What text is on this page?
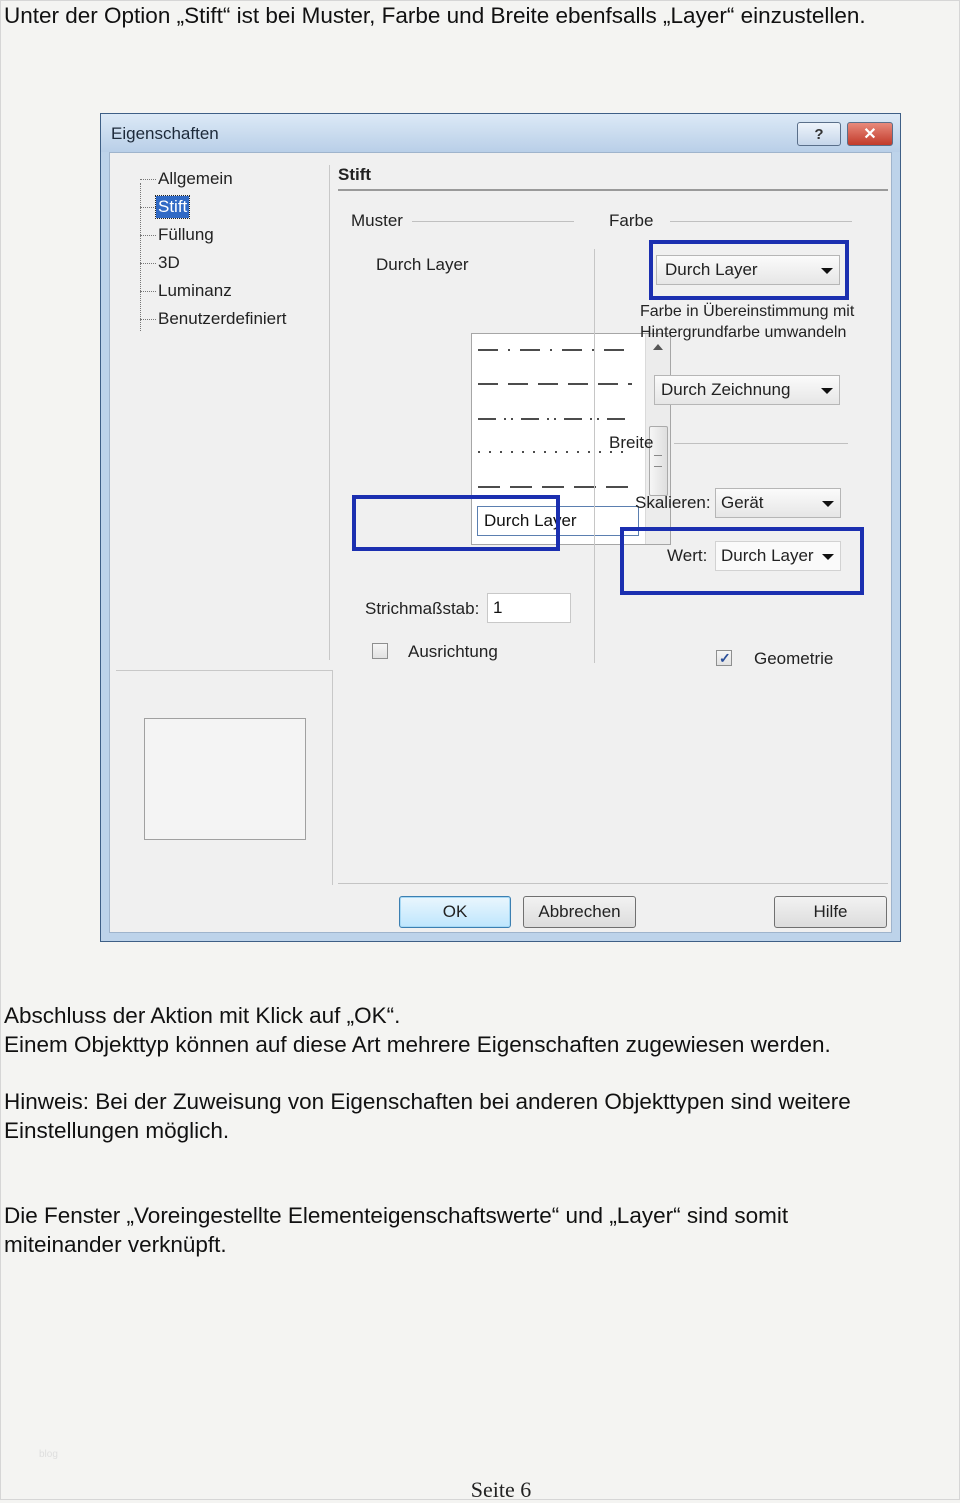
Unter der Option „Stift“ ist bei Muster, Farbe und Breite ebenfsalls „Layer“ einzustellen.
Eigenschaften	? ✕
Allgemein
Stift
Füllung
3D
Luminanz
Benutzerdefiniert
Stift
Muster
Durch Layer
Durch Layer
Strichmaßstab: 1
Ausrichtung
Farbe
Durch Layer
Farbe in Übereinstimmung mit
Hintergrundfarbe umwandeln
Durch Zeichnung
Breite
Skalieren: Gerät
Wert: Durch Layer
✓ Geometrie
OK	Abbrechen	Hilfe
Abschluss der Aktion mit Klick auf „OK“.
Einem Objekttyp können auf diese Art mehrere Eigenschaften zugewiesen werden.
Hinweis: Bei der Zuweisung von Eigenschaften bei anderen Objekttypen sind weitere
Einstellungen möglich.
Die Fenster „Voreingestellte Elementeigenschaftswerte“ und „Layer“ sind somit
miteinander verknüpft.
blog
Seite 6
